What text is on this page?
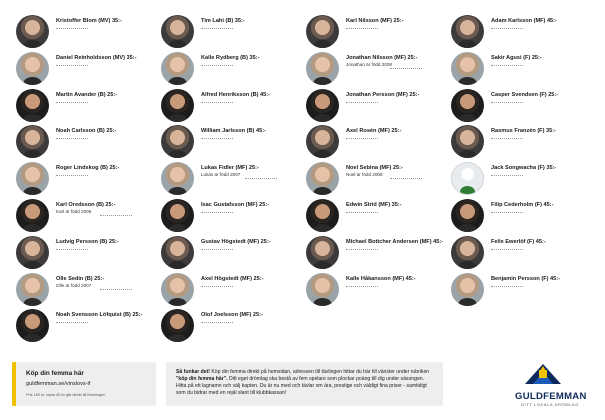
Kristoffer Blom (MV) 35:-
Daniel Reinholdsson (MV) 35:-
Martin Avander (B) 25:-
Noah Carlsson (B) 25:-
Roger Lindskog (B) 25:-
Karl Oredsson (B) 25:-
Karl är född 2006
Ludvig Persson (B) 25:-
Olle Sedin (B) 25:-
Olle är född 2007
Noah Svensson Löfquist (B) 25:-
Tim Lahi (B) 35:-
Kalle Rydberg (B) 35:-
Alfred Henriksson (B) 45:-
William Jarlsson (B) 45:-
Lukas Fidler (MF) 25:-
Lukas är född 2007
Isac Gustafsson (MF) 25:-
Gustav Högstedt (MF) 25:-
Axel Högstedt (MF) 25:-
Olof Joelsson (MF) 25:-
Karl Nilsson (MF) 25:-
Jonathan Nilsson (MF) 25:-
Jonathan är född 2008
Jonathan Persson (MF) 25:-
Axel Rosén (MF) 25:-
Noel Sebina (MF) 25:-
Noel är född 2008
Edwin Strid (MF) 35:-
Michael Bottcher Andersen (MF) 45:-
Kalle Håkansson (MF) 45:-
Adam Karlsson (MF) 45:-
Sakir Agusi (F) 25:-
Casper Svendsen (F) 25:-
Rasmus Franzén (F) 35:-
Jack Songwacha (F) 35:-
Filip Cederholm (F) 45:-
Felix Ewerlöf (F) 45:-
Benjamin Persson (F) 45:-
Köp din femma här
guldfemman.se/vinslovs-if
Pris 160 kr, varav 80 kr går direkt till föreningen
Så funkar det! Köp din femma direkt på hemsidan, adressen till tävlingen hittar du här till vänster under rubriken "köp din femma här". Ditt eget drömlag ska bestå av fem spelare som plockar poäng till dig under säsongen. Hitta på ett lagnamn och välj kapten. Du är nu med och tävlar om ära, prestige och väldigt fina priser - samtidigt som du bidrar med en rejäl slant till klubbkassan!	GULDFEMMAN
DITT LOKALA DRÖMLAG
